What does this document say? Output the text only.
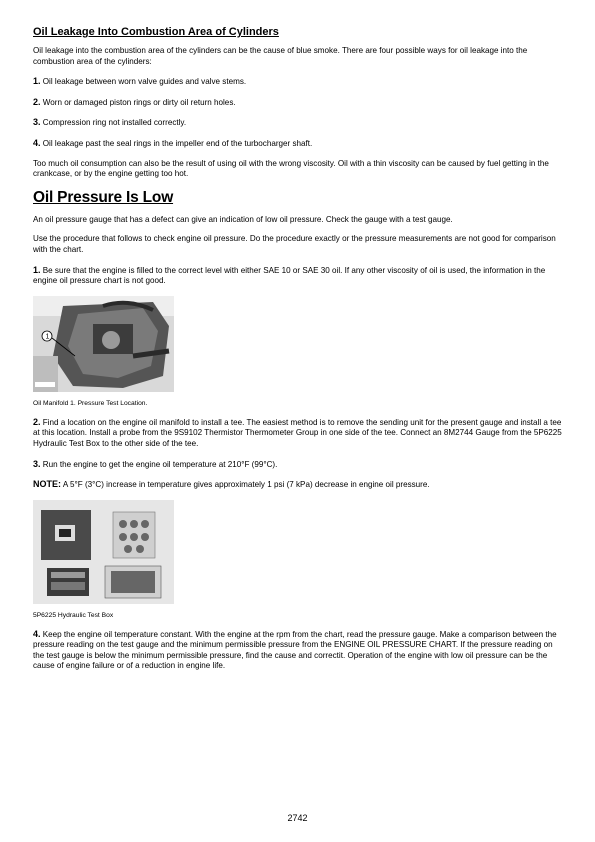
Oil Leakage Into Combustion Area of Cylinders

Oil leakage into the combustion area of the cylinders can be the cause of blue smoke. There are four possible ways for oil leakage into the combustion area of the cylinders:

1. Oil leakage between worn valve guides and valve stems.

2. Worn or damaged piston rings or dirty oil return holes.

3. Compression ring not installed correctly.

4. Oil leakage past the seal rings in the impeller end of the turbocharger shaft.

Too much oil consumption can also be the result of using oil with the wrong viscosity. Oil with a thin viscosity can be caused by fuel getting in the crankcase, or by the engine getting too hot.

Oil Pressure Is Low

An oil pressure gauge that has a defect can give an indication of low oil pressure. Check the gauge with a test gauge.

Use the procedure that follows to check engine oil pressure. Do the procedure exactly or the pressure measurements are not good for comparison with the chart.

1. Be sure that the engine is filled to the correct level with either SAE 10 or SAE 30 oil. If any other viscosity of oil is used, the information in the engine oil pressure chart is not good.

1
Oil Manifold 1. Pressure Test Location.

2. Find a location on the engine oil manifold to install a tee. The easiest method is to remove the sending unit for the present gauge and install a tee at this location. Install a probe from the 9S9102 Thermistor Thermometer Group in one side of the tee. Connect an 8M2744 Gauge from the 5P6225 Hydraulic Test Box to the other side of the tee.

3. Run the engine to get the engine oil temperature at 210°F (99°C).

NOTE: A 5°F (3°C) increase in temperature gives approximately 1 psi (7 kPa) decrease in engine oil pressure.

5P6225 Hydraulic Test Box

4. Keep the engine oil temperature constant. With the engine at the rpm from the chart, read the pressure gauge. Make a comparison between the pressure reading on the test gauge and the minimum permissible pressure from the ENGINE OIL PRESSURE CHART. If the pressure reading on the test gauge is below the minimum permissible pressure, find the cause and correctit. Operation of the engine with low oil pressure can be the cause of engine failure or of a reduction in engine life.

2742
